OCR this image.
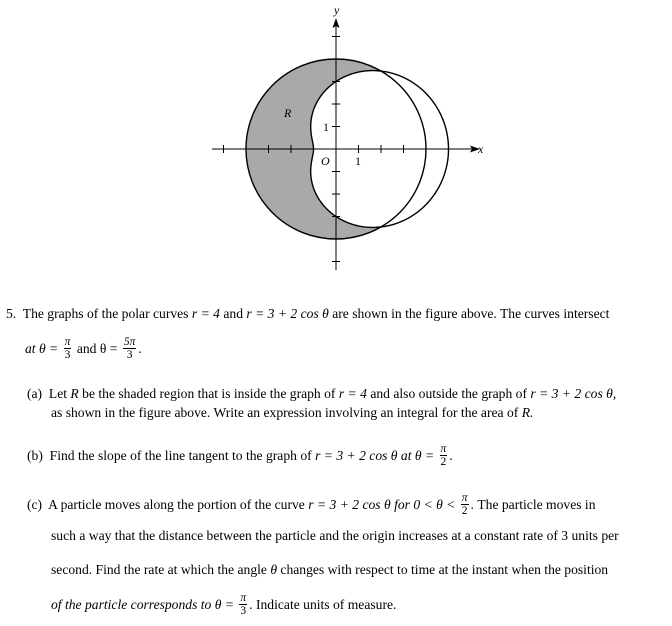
y
x
R
O 1
1
5. The graphs of the polar curves r = 4 and r = 3 + 2 cos θ are shown in the figure above. The curves intersect
at $\theta = \frac{\pi}{3}$ and $\theta = \frac{5\pi}{3}$ .
(a) Let R be the shaded region that is inside the graph of r = 4 and also outside the graph of r = 3 + 2 cos θ,
as shown in the figure above. Write an expression involving an integral for the area of R.
(b) Find the slope of the line tangent to the graph of r = 3 + 2 cos θ at $\theta = \frac{\pi}{2}$ .
(c) A particle moves along the portion of the curve r = 3 + 2 cos θ for $0 < \theta < \frac{\pi}{2}$ . The particle moves in
such a way that the distance between the particle and the origin increases at a constant rate of 3 units per
second. Find the rate at which the angle θ changes with respect to time at the instant when the position
of the particle corresponds to $\theta = \frac{\pi}{3}$ . Indicate units of measure.
